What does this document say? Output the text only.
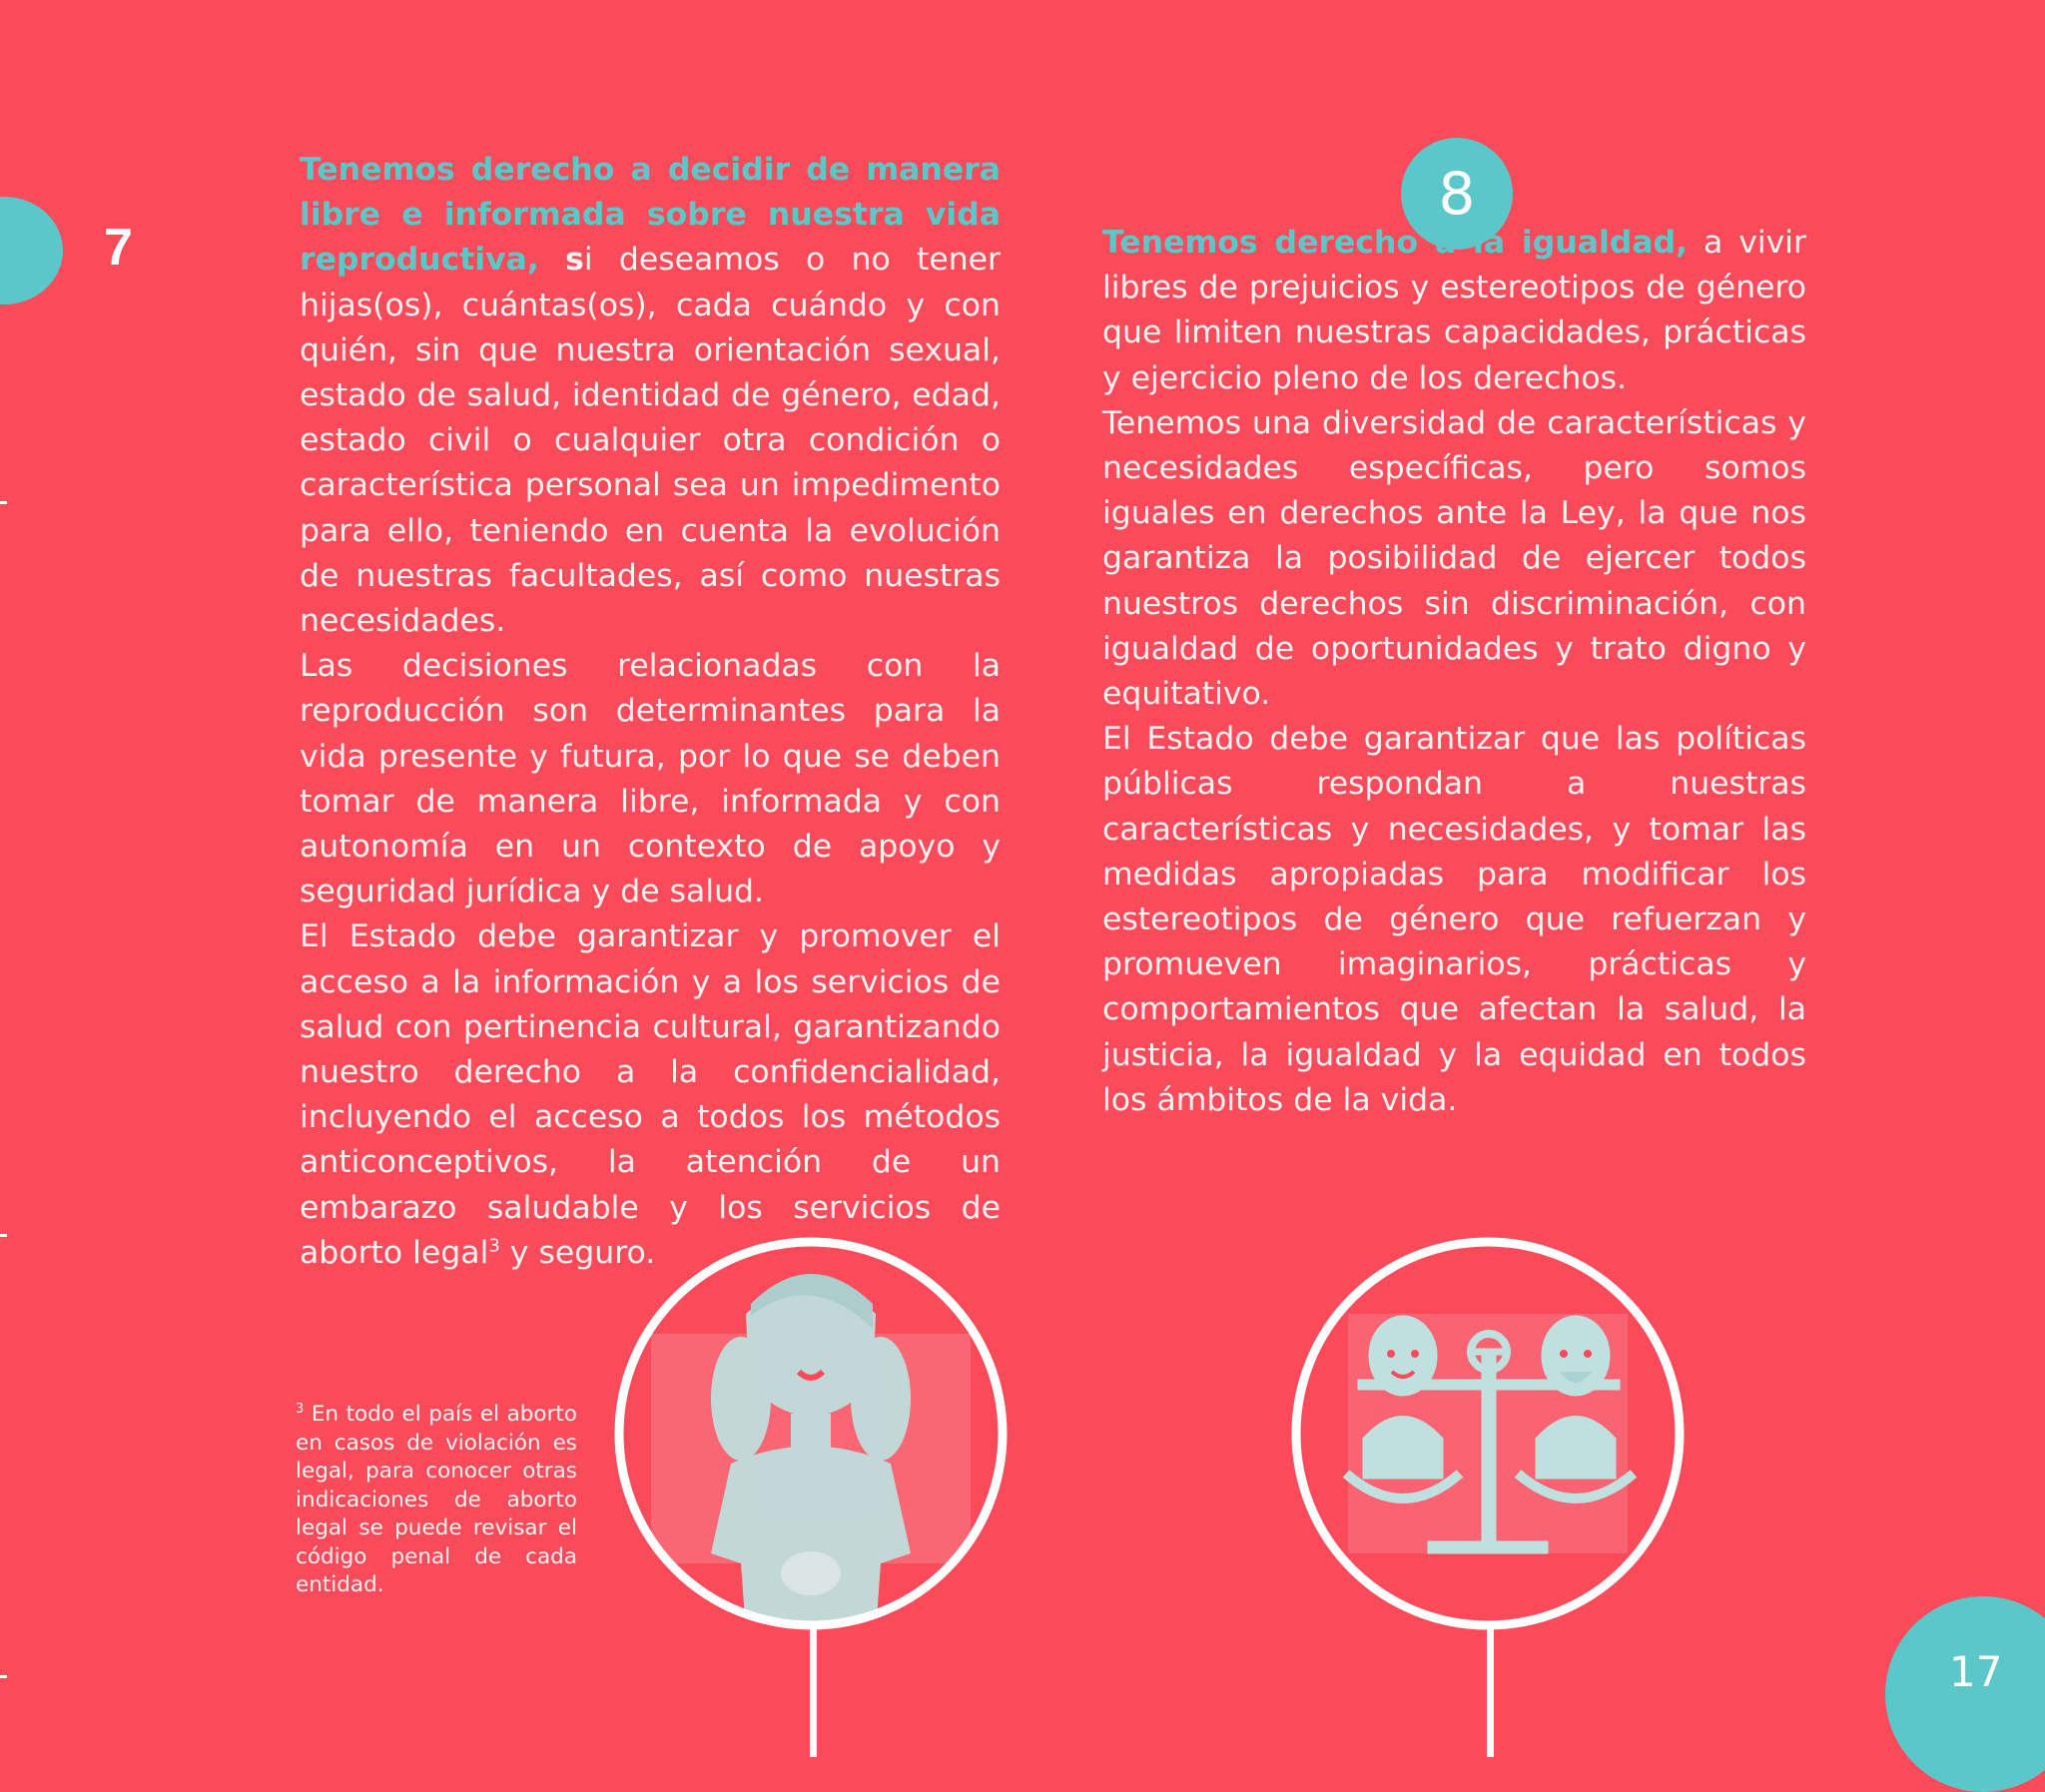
7

Tenemos derecho a decidir de manera libre e informada sobre nuestra vida reproductiva, si deseamos o no tener hijas(os), cuántas(os), cada cuándo y con quién, sin que nuestra orientación sexual, estado de salud, identidad de género, edad, estado civil o cualquier otra condición o característica personal sea un impedimento para ello, teniendo en cuenta la evolución de nuestras facultades, así como nuestras necesidades.

Las decisiones relacionadas con la reproducción son determinantes para la vida presente y futura, por lo que se deben tomar de manera libre, informada y con autonomía en un contexto de apoyo y seguridad jurídica y de salud.

El Estado debe garantizar y promover el acceso a la información y a los servicios de salud con pertinencia cultural, garantizando nuestro derecho a la confidencialidad, incluyendo el acceso a todos los métodos anticonceptivos, la atención de un embarazo saludable y los servicios de aborto legal$^3$ y seguro.

8

Tenemos derecho a la igualdad, a vivir libres de prejuicios y estereotipos de género que limiten nuestras capacidades, prácticas y ejercicio pleno de los derechos.

Tenemos una diversidad de características y necesidades específicas, pero somos iguales en derechos ante la Ley, la que nos garantiza la posibilidad de ejercer todos nuestros derechos sin discriminación, con igualdad de oportunidades y trato digno y equitativo.

El Estado debe garantizar que las políticas públicas respondan a nuestras características y necesidades, y tomar las medidas apropiadas para modificar los estereotipos de género que refuerzan y promueven imaginarios, prácticas y comportamientos que afectan la salud, la justicia, la igualdad y la equidad en todos los ámbitos de la vida.

$^3$ En todo el país el aborto en casos de violación es legal, para conocer otras indicaciones de aborto legal se puede revisar el código penal de cada entidad.

17
